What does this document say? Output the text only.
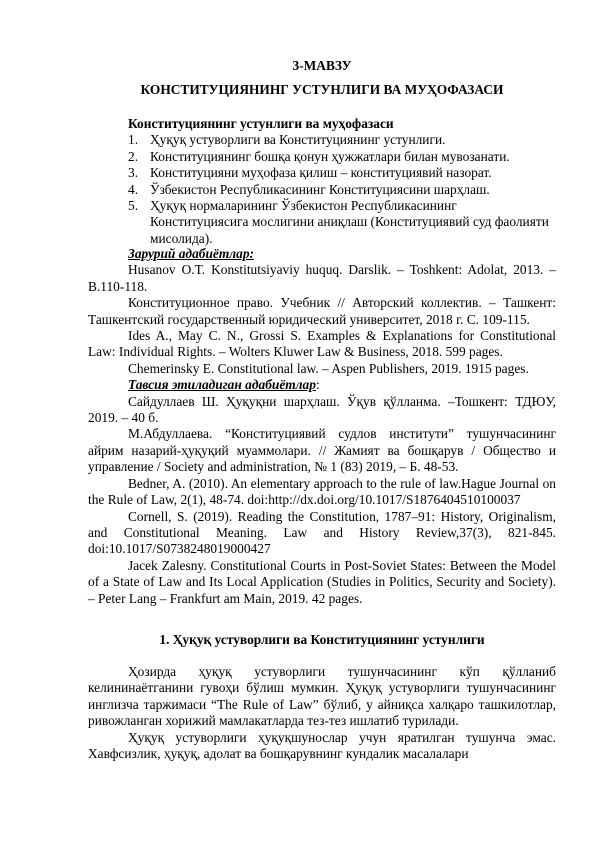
3-МАВЗУ
КОНСТИТУЦИЯНИНГ УСТУНЛИГИ ВА МУҲОФАЗАСИ
Конституциянинг устунлиги ва муҳофазаси
1. Ҳуқуқ устуворлиги ва Конституциянинг устунлиги.
2. Конституциянинг бошқа қонун ҳужжатлари билан мувозанати.
3. Конституцияни муҳофаза қилиш – конституциявий назорат.
4. Ўзбекистон Республикасининг Конституциясини шарҳлаш.
5. Ҳуқуқ нормаларининг Ўзбекистон Республикасининг Конституциясига мослигини аниқлаш (Конституциявий суд фаолияти мисолида).
Зарурий адабиётлар:

Husanov O.T. Konstitutsiyaviy huquq. Darslik. – Toshkent: Adolat, 2013. – B.110-118.

Конституционное право. Учебник // Авторский коллектив. – Ташкент: Ташкентский государственный юридический университет, 2018 г. С. 109-115.

Ides A., May C. N., Grossi S. Examples & Explanations for Constitutional Law: Individual Rights. – Wolters Kluwer Law & Business, 2018. 599 pages.

Chemerinsky E. Constitutional law. – Aspen Publishers, 2019. 1915 pages.

Тавсия этиладиган адабиётлар:

Сайдуллаев Ш. Ҳуқуқни шарҳлаш. Ўқув қўлланма. –Тошкент: ТДЮУ, 2019. – 40 б.

М.Абдуллаева. “Конституциявий судлов институти” тушунчасининг айрим назарий-ҳуқуқий муаммолари. // Жамият ва бошқарув / Общество и управление / Society and administration, № 1 (83) 2019, – Б. 48-53.

Bedner, A. (2010). An elementary approach to the rule of law.Hague Journal on the Rule of Law, 2(1), 48-74. doi:http://dx.doi.org/10.1017/S1876404510100037

Cornell, S. (2019). Reading the Constitution, 1787–91: History, Originalism, and Constitutional Meaning. Law and History Review,37(3), 821-845. doi:10.1017/S0738248019000427

Jacek Zalesny. Constitutional Courts in Post-Soviet States: Between the Model of a State of Law and Its Local Application (Studies in Politics, Security and Society). – Peter Lang – Frankfurt am Main, 2019. 42 pages.

1. Ҳуқуқ устуворлиги ва Конституциянинг устунлиги

Ҳозирда ҳуқуқ устуворлиги тушунчасининг кўп қўлланиб келининаётганини гувоҳи бўлиш мумкин. Ҳуқуқ устуворлиги тушунчасининг инглизча таржимаси “The Rule of Law” бўлиб, у айниқса халқаро ташкилотлар, ривожланган хорижий мамлакатларда тез-тез ишлатиб турилади.

Ҳуқуқ устуворлиги ҳуқуқшунослар учун яратилган тушунча эмас. Хавфсизлик, ҳуқуқ, адолат ва бошқарувнинг кундалик масалалари
